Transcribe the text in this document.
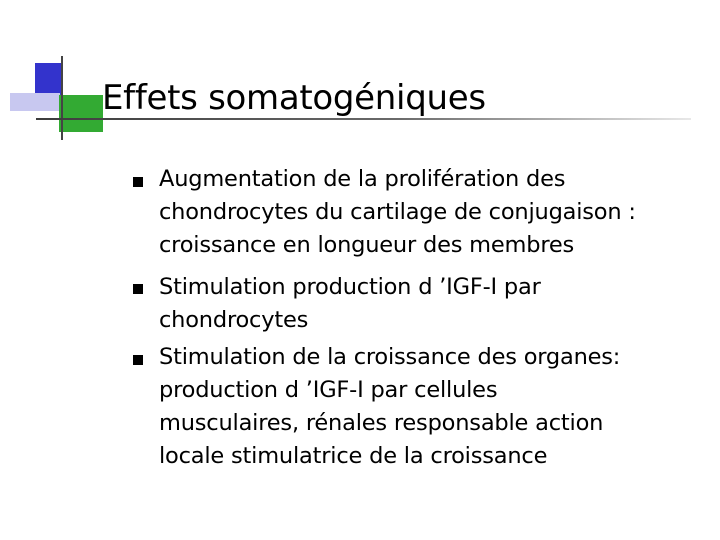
Effets somatogéniques
Augmentation de la prolifération des
chondrocytes du cartilage de conjugaison :
croissance en longueur des membres
Stimulation production d ’IGF-I par
chondrocytes
Stimulation de la croissance des organes:
production d ’IGF-I par cellules
musculaires, rénales responsable action
locale stimulatrice de la croissance
